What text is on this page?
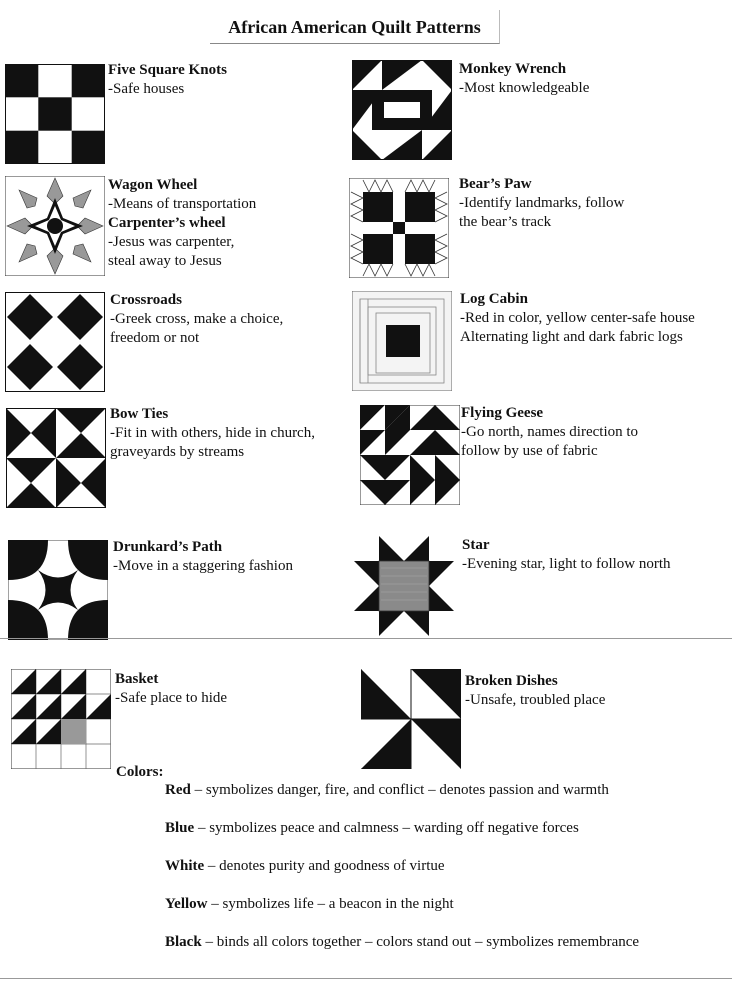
African American Quilt Patterns
Five Square Knots
-Safe houses
Monkey Wrench
-Most knowledgeable
Wagon Wheel
-Means of transportation
Carpenter’s wheel
-Jesus was carpenter,
steal away to Jesus
Bear’s Paw
-Identify landmarks, follow
the bear’s track
Crossroads
-Greek cross, make a choice,
freedom or not
Log Cabin
-Red in color, yellow center-safe house
Alternating light and dark fabric logs
Bow Ties
-Fit in with others, hide in church,
graveyards by streams
Flying Geese
-Go north, names direction to
follow by use of fabric
Drunkard’s Path
-Move in a staggering fashion
Star
-Evening star, light to follow north
Basket
-Safe place to hide
Broken Dishes
-Unsafe, troubled place
Colors:
Red – symbolizes danger, fire, and conflict – denotes passion and warmth
Blue – symbolizes peace and calmness – warding off negative forces
White – denotes purity and goodness of virtue
Yellow – symbolizes life – a beacon in the night
Black – binds all colors together – colors stand out – symbolizes remembrance
